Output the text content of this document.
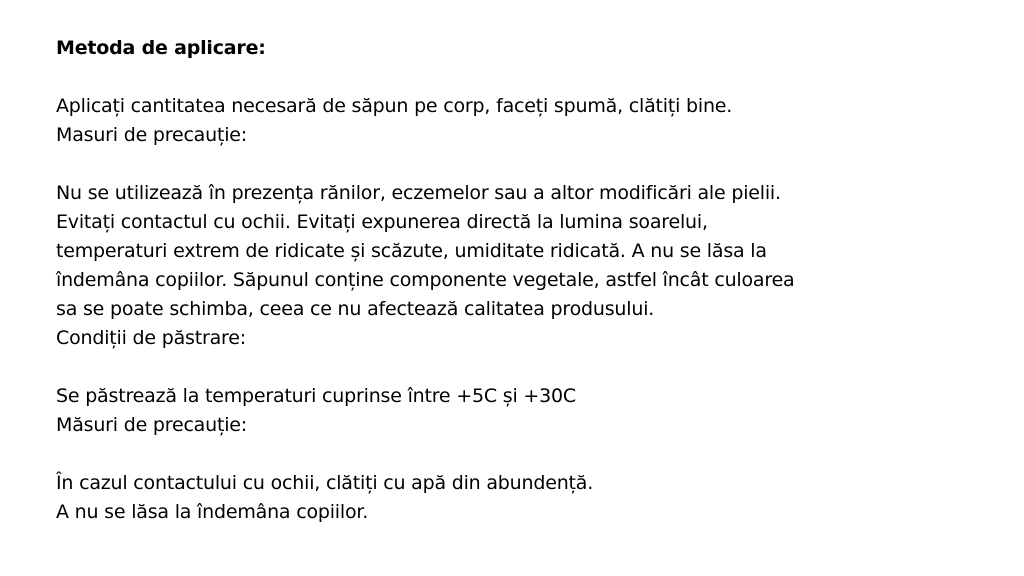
Metoda de aplicare:

Aplicați cantitatea necesară de săpun pe corp, faceți spumă, clătiți bine.

Masuri de precauție:

Nu se utilizează în prezența rănilor, eczemelor sau a altor modificări ale pielii.

Evitați contactul cu ochii. Evitați expunerea directă la lumina soarelui,

temperaturi extrem de ridicate și scăzute, umiditate ridicată. A nu se lăsa la

îndemâna copiilor. Săpunul conține componente vegetale, astfel încât culoarea

sa se poate schimba, ceea ce nu afectează calitatea produsului.

Condiții de păstrare:

Se păstrează la temperaturi cuprinse între +5C și +30C

Măsuri de precauție:

În cazul contactului cu ochii, clătiți cu apă din abundență.

A nu se lăsa la îndemâna copiilor.
